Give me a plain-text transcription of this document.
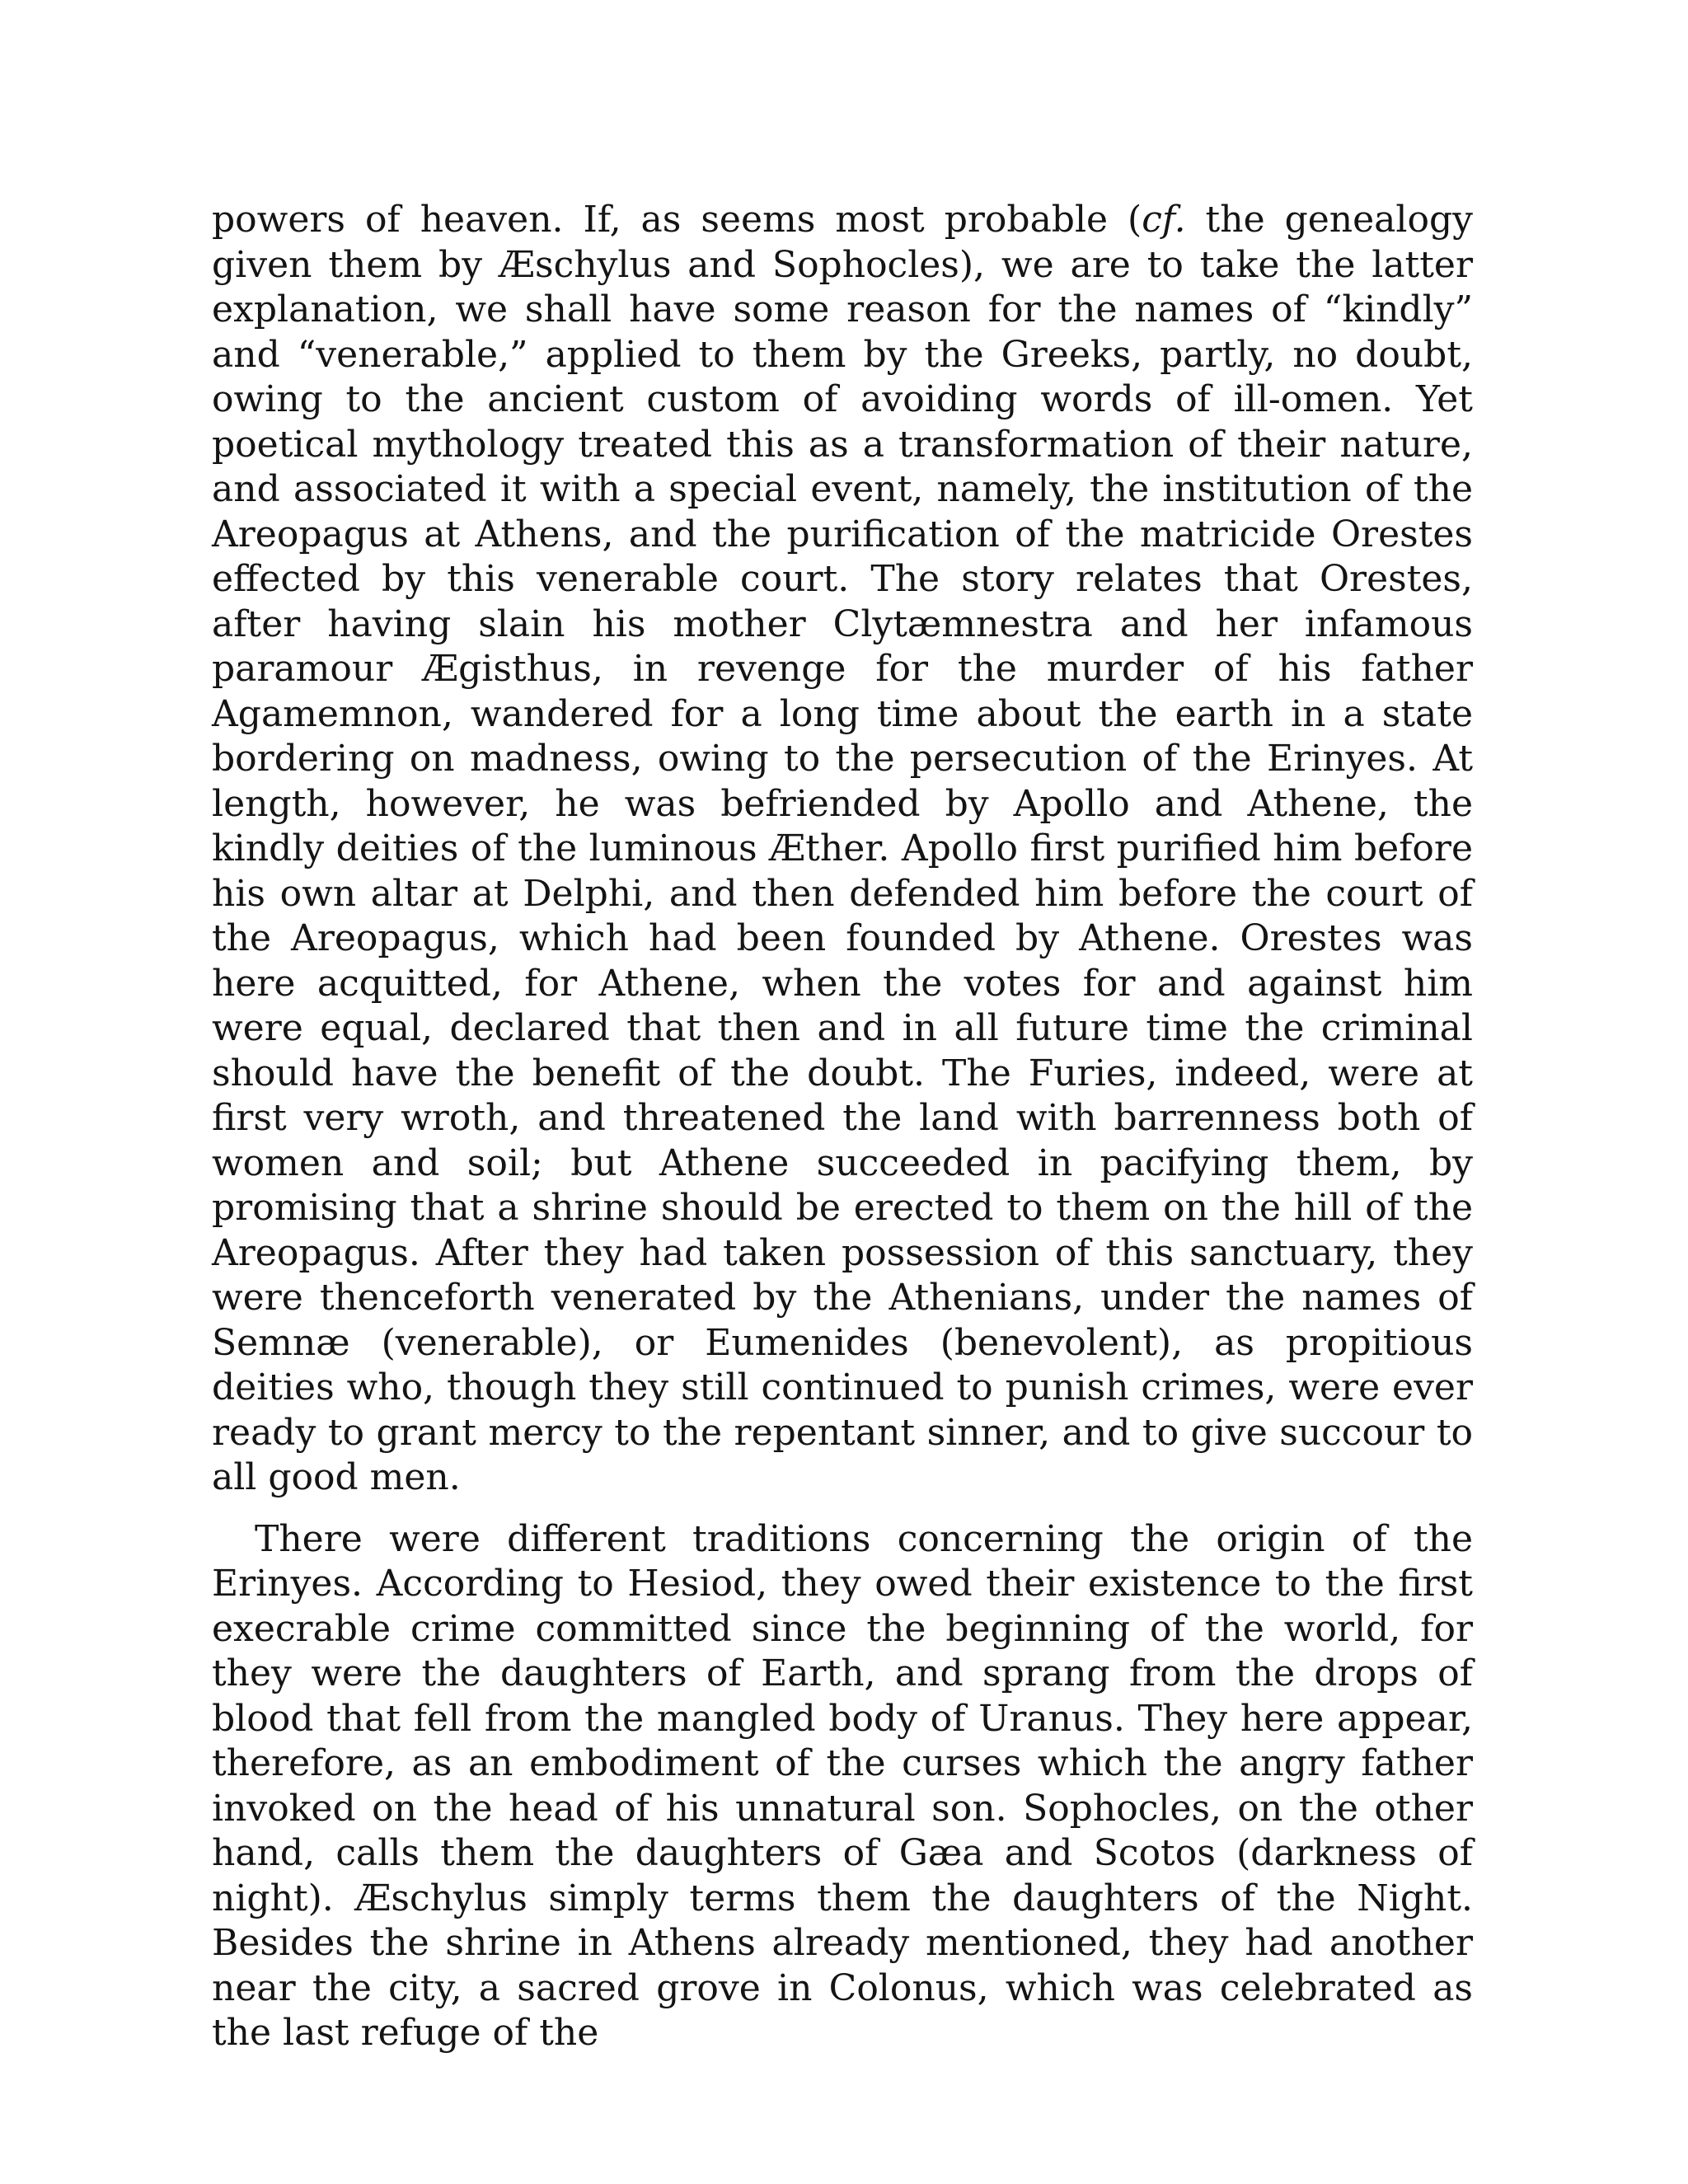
powers of heaven. If, as seems most probable (cf. the genealogy given them by Æschylus and Sophocles), we are to take the latter explanation, we shall have some reason for the names of “kindly” and “venerable,” applied to them by the Greeks, partly, no doubt, owing to the ancient custom of avoiding words of ill-omen. Yet poetical mythology treated this as a transformation of their nature, and associated it with a special event, namely, the institution of the Areopagus at Athens, and the purification of the matricide Orestes effected by this venerable court. The story relates that Orestes, after having slain his mother Clytæmnestra and her infamous paramour Ægisthus, in revenge for the murder of his father Agamemnon, wandered for a long time about the earth in a state bordering on madness, owing to the persecution of the Erinyes. At length, however, he was befriended by Apollo and Athene, the kindly deities of the luminous Æther. Apollo first purified him before his own altar at Delphi, and then defended him before the court of the Areopagus, which had been founded by Athene. Orestes was here acquitted, for Athene, when the votes for and against him were equal, declared that then and in all future time the criminal should have the benefit of the doubt. The Furies, indeed, were at first very wroth, and threatened the land with barrenness both of women and soil; but Athene succeeded in pacifying them, by promising that a shrine should be erected to them on the hill of the Areopagus. After they had taken possession of this sanctuary, they were thenceforth venerated by the Athenians, under the names of Semnæ (venerable), or Eumenides (benevolent), as propitious deities who, though they still continued to punish crimes, were ever ready to grant mercy to the repentant sinner, and to give succour to all good men.

There were different traditions concerning the origin of the Erinyes. According to Hesiod, they owed their existence to the first execrable crime committed since the beginning of the world, for they were the daughters of Earth, and sprang from the drops of blood that fell from the mangled body of Uranus. They here appear, therefore, as an embodiment of the curses which the angry father invoked on the head of his unnatural son. Sophocles, on the other hand, calls them the daughters of Gæa and Scotos (darkness of night). Æschylus simply terms them the daughters of the Night. Besides the shrine in Athens already mentioned, they had another near the city, a sacred grove in Colonus, which was celebrated as the last refuge of the
